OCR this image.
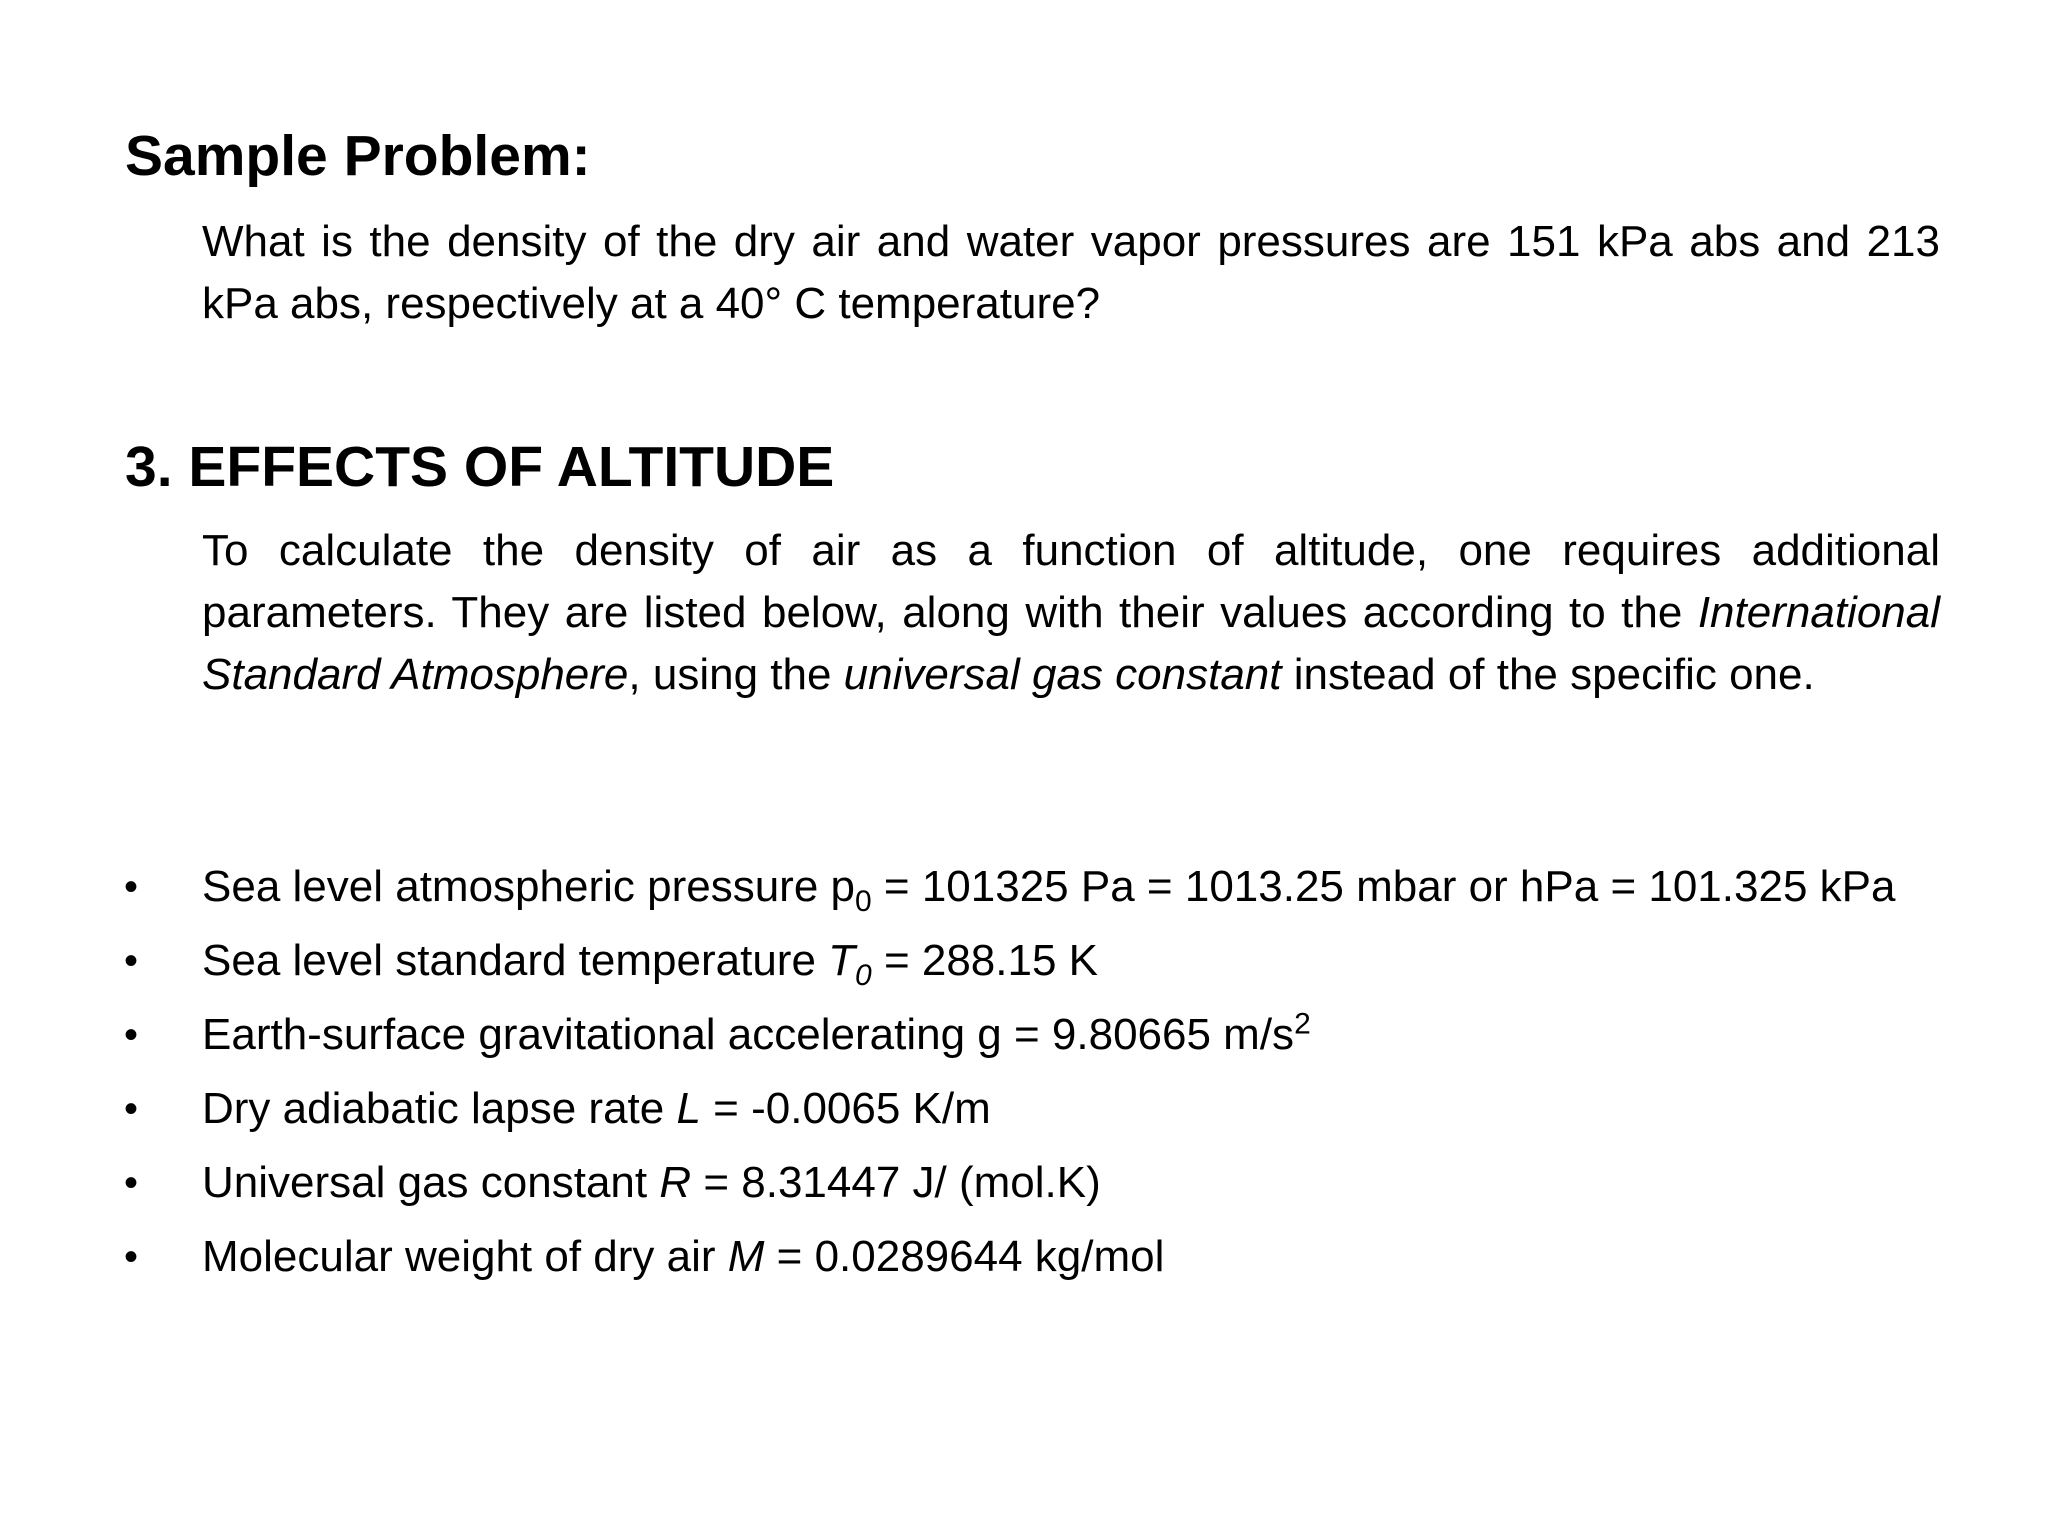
Sample Problem:

What is the density of the dry air and water vapor pressures are 151 kPa abs and 213 kPa abs, respectively at a 40° C temperature?

3. EFFECTS OF ALTITUDE

To calculate the density of air as a function of altitude, one requires additional parameters. They are listed below, along with their values according to the International Standard Atmosphere, using the universal gas constant instead of the specific one.

• Sea level atmospheric pressure $p_0 = 101325$ Pa = 1013.25 mbar or hPa = 101.325 kPa
• Sea level standard temperature $T_0 = 288.15$ K
• Earth-surface gravitational accelerating g = 9.80665 $m/s^2$
• Dry adiabatic lapse rate L = -0.0065 K/m
• Universal gas constant R = 8.31447 J/ (mol.K)
• Molecular weight of dry air M = 0.0289644 kg/mol
